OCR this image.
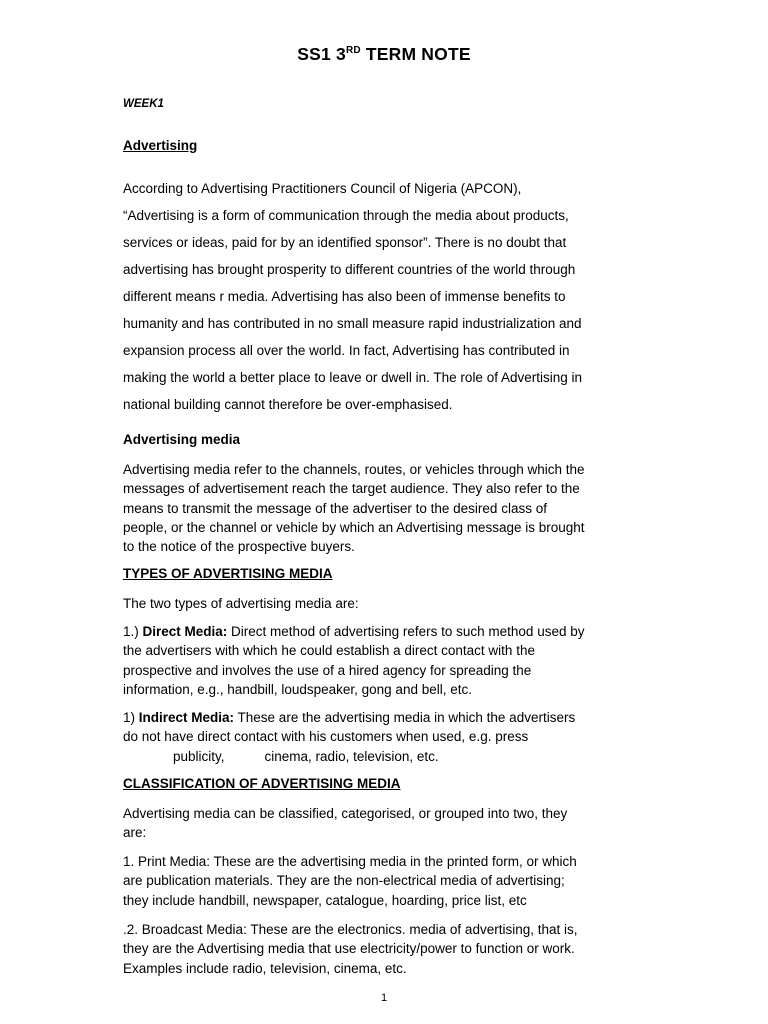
SS1 3RD TERM NOTE
WEEK1
Advertising
According to Advertising Practitioners Council of Nigeria (APCON),
“Advertising is a form of communication through the media about products,
services or ideas, paid for by an identified sponsor”. There is no doubt that
advertising has brought prosperity to different countries of the world through
different means r media. Advertising has also been of immense benefits to
humanity and has contributed in no small measure rapid industrialization and
expansion process all over the world. In fact, Advertising has contributed in
making the world a better place to leave or dwell in. The role of Advertising in
national building cannot therefore be over-emphasised.
Advertising media
Advertising media refer to the channels, routes, or vehicles through which the
messages of advertisement reach the target audience. They also refer to the
means to transmit the message of the advertiser to the desired class of
people, or the channel or vehicle by which an Advertising message is brought
to the notice of the prospective buyers.
TYPES OF ADVERTISING MEDIA
The two types of advertising media are:
1.) Direct Media: Direct method of advertising refers to such method used by
the advertisers with which he could establish a direct contact with the
prospective and involves the use of a hired agency for spreading the
information, e.g., handbill, loudspeaker, gong and bell, etc.
1) Indirect Media: These are the advertising media in which the advertisers
do not have direct contact with his customers when used, e.g. press
publicity,	cinema, radio, television, etc.
CLASSIFICATION OF ADVERTISING MEDIA
Advertising media can be classified, categorised, or grouped into two, they
are:
1. Print Media: These are the advertising media in the printed form, or which
are publication materials. They are the non-electrical media of advertising;
they include handbill, newspaper, catalogue, hoarding, price list, etc
.2. Broadcast Media: These are the electronics. media of advertising, that is,
they are the Advertising media that use electricity/power to function or work.
Examples include radio, television, cinema, etc.
1
